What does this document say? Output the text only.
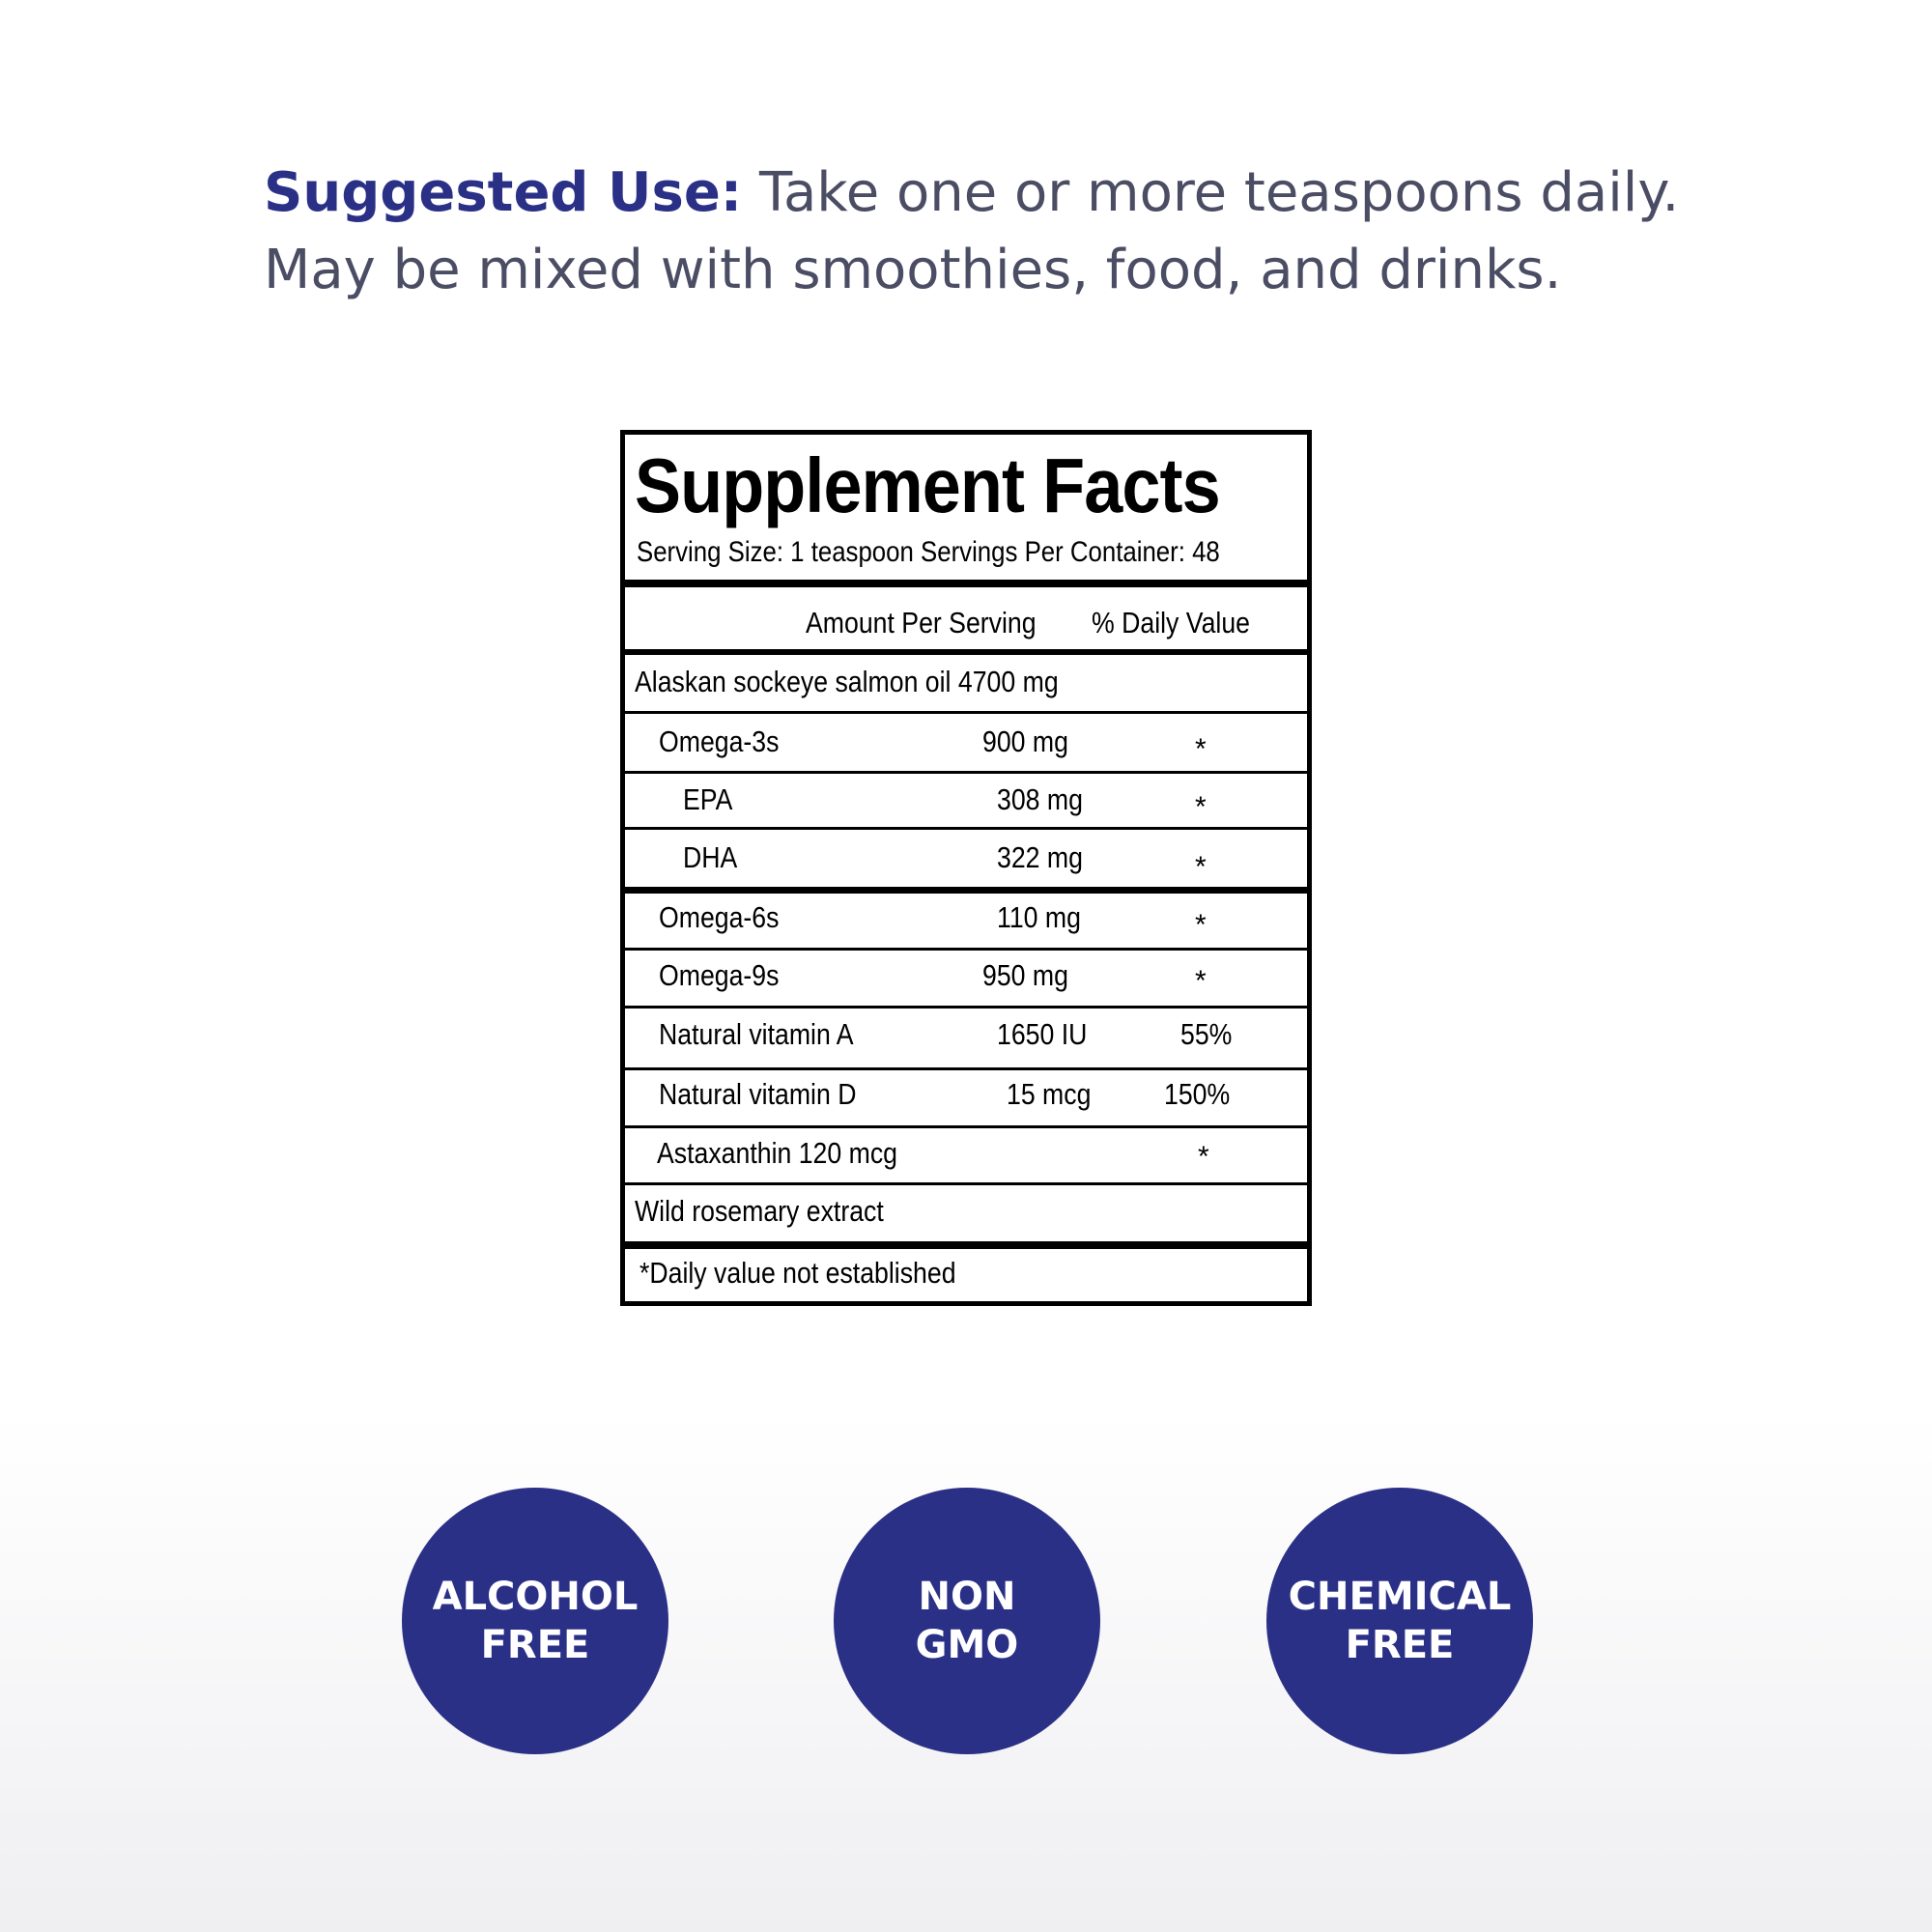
Suggested Use: Take one or more teaspoons daily.
May be mixed with smoothies, food, and drinks.
Supplement Facts
Serving Size: 1 teaspoon Servings Per Container: 48
Amount Per Serving % Daily Value
Alaskan sockeye salmon oil 4700 mg
Omega-3s	900 mg	*
EPA	308 mg	*
DHA	322 mg	*
Omega-6s	110 mg	*
Omega-9s	950 mg	*
Natural vitamin A	1650 IU	55%
Natural vitamin D	15 mcg 150%
Astaxanthin 120 mcg	*
Wild rosemary extract
*Daily value not established
ALCOHOL
FREE
NON
GMO
CHEMICAL
FREE
